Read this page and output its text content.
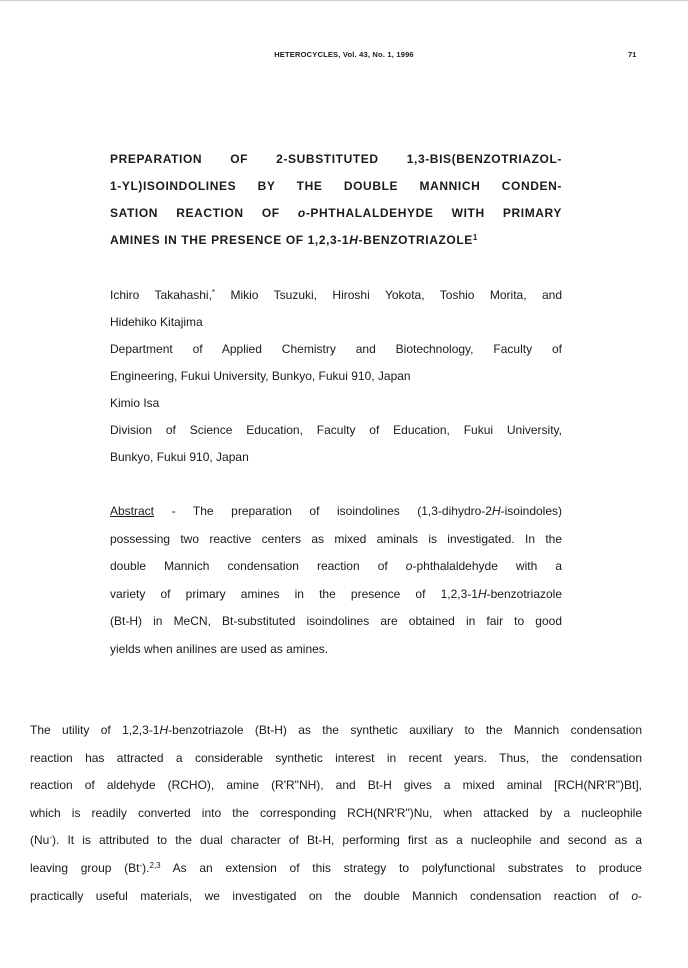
HETEROCYCLES, Vol. 43, No. 1, 1996	71
PREPARATION OF 2-SUBSTITUTED 1,3-BIS(BENZOTRIAZOL-
1-YL)ISOINDOLINES BY THE DOUBLE MANNICH CONDEN-
SATION REACTION OF o-PHTHALALDEHYDE WITH PRIMARY
AMINES IN THE PRESENCE OF 1,2,3-1H-BENZOTRIAZOLE$^1$
Ichiro Takahashi,* Mikio Tsuzuki, Hiroshi Yokota, Toshio Morita, and
Hidehiko Kitajima
Department of Applied Chemistry and Biotechnology, Faculty of
Engineering, Fukui University, Bunkyo, Fukui 910, Japan
Kimio Isa
Division of Science Education, Faculty of Education, Fukui University,
Bunkyo, Fukui 910, Japan
Abstract - The preparation of isoindolines (1,3-dihydro-2H-isoindoles)
possessing two reactive centers as mixed aminals is investigated. In the
double Mannich condensation reaction of o-phthalaldehyde with a
variety of primary amines in the presence of 1,2,3-1H-benzotriazole
(Bt-H) in MeCN, Bt-substituted isoindolines are obtained in fair to good
yields when anilines are used as amines.
The utility of 1,2,3-1H-benzotriazole (Bt-H) as the synthetic auxiliary to the Mannich condensation
reaction has attracted a considerable synthetic interest in recent years. Thus, the condensation
reaction of aldehyde (RCHO), amine (R'R"NH), and Bt-H gives a mixed aminal [RCH(NR'R")Bt],
which is readily converted into the corresponding RCH(NR'R")Nu, when attacked by a nucleophile
(Nu-). It is attributed to the dual character of Bt-H, performing first as a nucleophile and second as a
leaving group (Bt-).$^{2,3}$ As an extension of this strategy to polyfunctional substrates to produce
practically useful materials, we investigated on the double Mannich condensation reaction of o-
